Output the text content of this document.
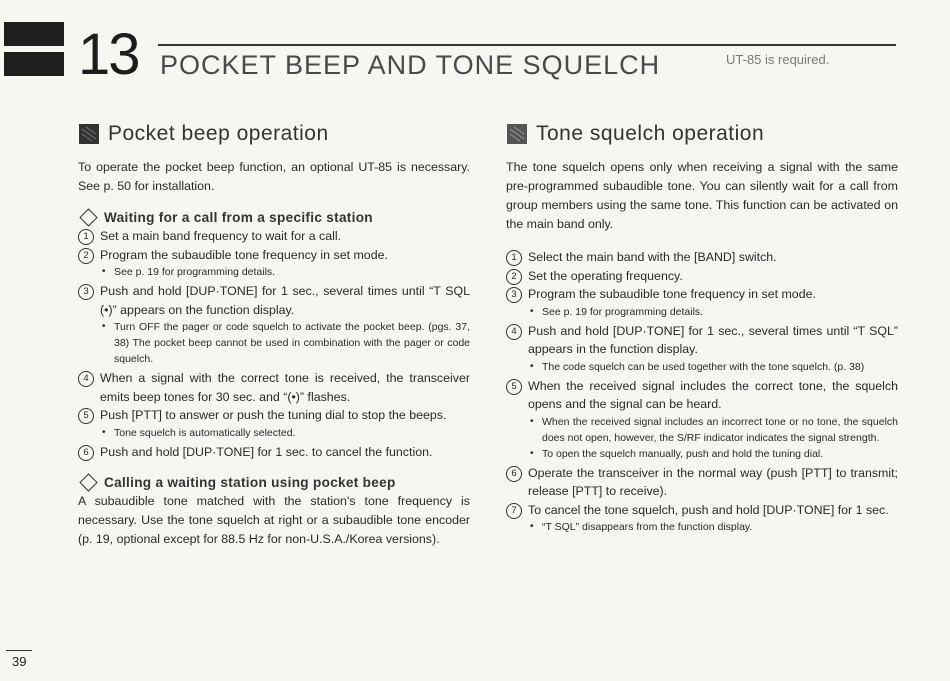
13 POCKET BEEP AND TONE SQUELCH	UT-85 is required.
Pocket beep operation

To operate the pocket beep function, an optional UT-85 is necessary. See p. 50 for installation.

Waiting for a call from a specific station
1 Set a main band frequency to wait for a call.
2 Program the subaudible tone frequency in set mode.
• See p. 19 for programming details.
3 Push and hold [DUP·TONE] for 1 sec., several times until “T SQL (•)” appears on the function display.
• Turn OFF the pager or code squelch to activate the pocket beep. (pgs. 37, 38) The pocket beep cannot be used in combination with the pager or code squelch.
4 When a signal with the correct tone is received, the transceiver emits beep tones for 30 sec. and “(•)” flashes.
5 Push [PTT] to answer or push the tuning dial to stop the beeps.
• Tone squelch is automatically selected.
6 Push and hold [DUP·TONE] for 1 sec. to cancel the function.
Calling a waiting station using pocket beep

A subaudible tone matched with the station's tone frequency is necessary. Use the tone squelch at right or a subaudible tone encoder (p. 19, optional except for 88.5 Hz for non-U.S.A./Korea versions).

Tone squelch operation

The tone squelch opens only when receiving a signal with the same pre-programmed subaudible tone. You can silently wait for a call from group members using the same tone. This function can be activated on the main band only.

1 Select the main band with the [BAND] switch.
2 Set the operating frequency.
3 Program the subaudible tone frequency in set mode.
• See p. 19 for programming details.
4 Push and hold [DUP·TONE] for 1 sec., several times until “T SQL” appears in the function display.
• The code squelch can be used together with the tone squelch. (p. 38)
5 When the received signal includes the correct tone, the squelch opens and the signal can be heard.
• When the received signal includes an incorrect tone or no tone, the squelch does not open, however, the S/RF indicator indicates the signal strength.
• To open the squelch manually, push and hold the tuning dial.
6 Operate the transceiver in the normal way (push [PTT] to transmit; release [PTT] to receive).
7 To cancel the tone squelch, push and hold [DUP·TONE] for 1 sec.
• “T SQL” disappears from the function display.
39
